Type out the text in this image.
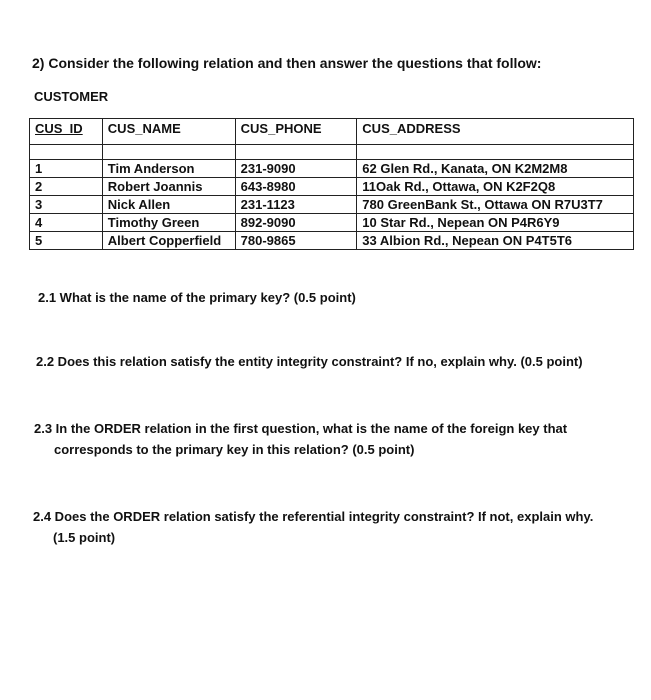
2) Consider the following relation and then answer the questions that follow:
CUSTOMER
CUS_ID	CUS_NAME	CUS_PHONE	CUS_ADDRESS

1	Tim Anderson	231-9090	62 Glen Rd., Kanata, ON K2M2M8
2	Robert Joannis	643-8980	11Oak Rd., Ottawa, ON K2F2Q8
3	Nick Allen	231-1123	780 GreenBank St., Ottawa ON R7U3T7
4	Timothy Green	892-9090	10 Star Rd., Nepean ON P4R6Y9
5	Albert Copperfield	780-9865	33 Albion Rd., Nepean ON P4T5T6
2.1 What is the name of the primary key? (0.5 point)
2.2 Does this relation satisfy the entity integrity constraint? If no, explain why. (0.5 point)
2.3 In the ORDER relation in the first question, what is the name of the foreign key that
corresponds to the primary key in this relation? (0.5 point)
2.4 Does the ORDER relation satisfy the referential integrity constraint? If not, explain why.
(1.5 point)
